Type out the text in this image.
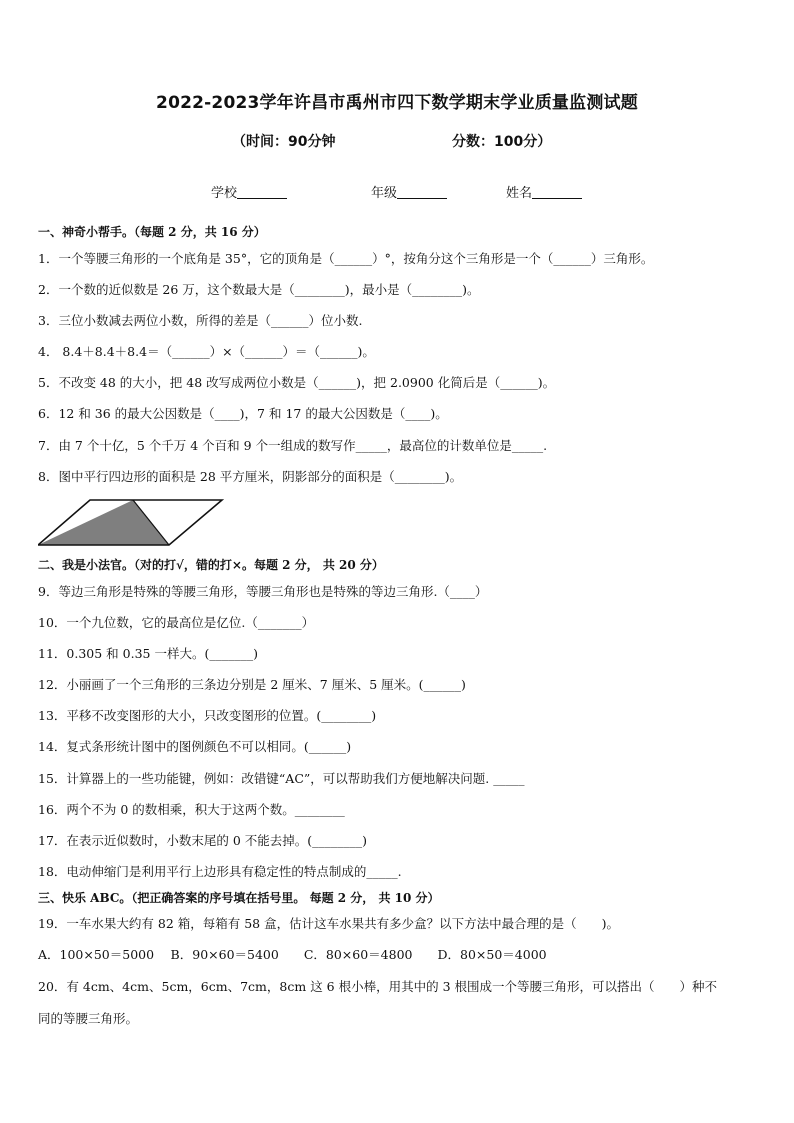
2022-2023学年许昌市禹州市四下数学期末学业质量监测试题
（时间：90分钟	分数：100分）
学校	年级	姓名
一、神奇小帮手。（每题 2 分，共 16 分）
1．一个等腰三角形的一个底角是 35°，它的顶角是（______）°，按角分这个三角形是一个（______）三角形。
2．一个数的近似数是 26 万，这个数最大是（________)，最小是（________)。
3．三位小数减去两位小数，所得的差是（______）位小数.
4． 8.4＋8.4＋8.4＝（______）×（______）＝（______)。
5．不改变 48 的大小，把 48 改写成两位小数是（______)，把 2.0900 化简后是（______)。
6．12 和 36 的最大公因数是（____)，7 和 17 的最大公因数是（____)。
7．由 7 个十亿，5 个千万 4 个百和 9 个一组成的数写作_____，最高位的计数单位是_____.
8．图中平行四边形的面积是 28 平方厘米，阴影部分的面积是（________)。
二、我是小法官。（对的打√，错的打×。每题 2 分， 共 20 分）
9．等边三角形是特殊的等腰三角形，等腰三角形也是特殊的等边三角形.（____）
10．一个九位数，它的最高位是亿位.（_______）
11．0.305 和 0.35 一样大。(_______)
12．小丽画了一个三角形的三条边分别是 2 厘米、7 厘米、5 厘米。(______)
13．平移不改变图形的大小，只改变图形的位置。(________)
14．复式条形统计图中的图例颜色不可以相同。(______)
15．计算器上的一些功能键，例如：改错键“AC”，可以帮助我们方便地解决问题. _____
16．两个不为 0 的数相乘，积大于这两个数。________
17．在表示近似数时，小数末尾的 0 不能去掉。(________)
18．电动伸缩门是利用平行上边形具有稳定性的特点制成的_____.
三、快乐 ABC。（把正确答案的序号填在括号里。 每题 2 分， 共 10 分）
19．一车水果大约有 82 箱，每箱有 58 盒，估计这车水果共有多少盒？以下方法中最合理的是（　　)。
A．100×50＝5000　 B．90×60＝5400　　C．80×60＝4800　　D．80×50＝4000
20．有 4cm、4cm、5cm，6cm、7cm，8cm 这 6 根小棒，用其中的 3 根围成一个等腰三角形，可以搭出（　　）种不
同的等腰三角形。
